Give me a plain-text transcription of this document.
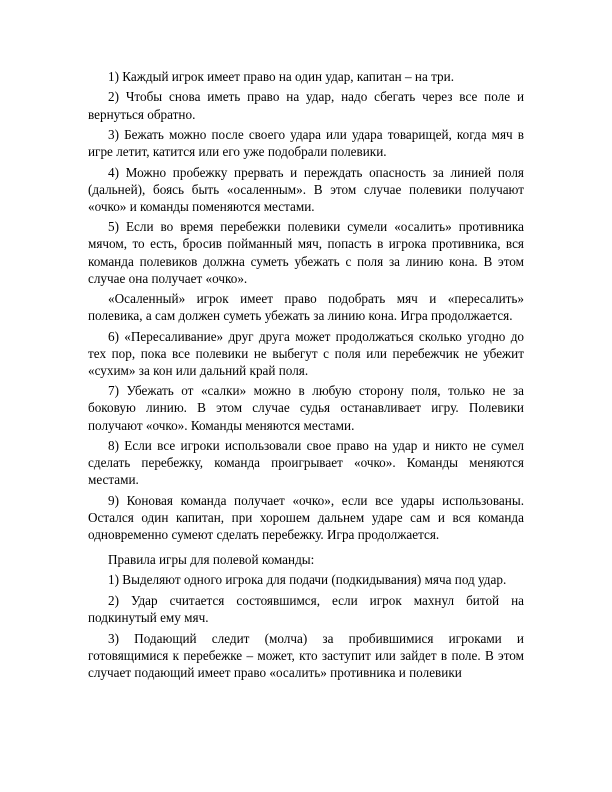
1) Каждый игрок имеет право на один удар, капитан – на три.

2) Чтобы снова иметь право на удар, надо сбегать через все поле и вернуться обратно.

3) Бежать можно после своего удара или удара товарищей, когда мяч в игре летит, катится или его уже подобрали полевики.

4) Можно пробежку прервать и переждать опасность за линией поля (дальней), боясь быть «осаленным». В этом случае полевики получают «очко» и команды поменяются местами.

5) Если во время перебежки полевики сумели «осалить» противника мячом, то есть, бросив пойманный мяч, попасть в игрока противника, вся команда полевиков должна суметь убежать с поля за линию кона. В этом случае она получает «очко».

«Осаленный» игрок имеет право подобрать мяч и «пересалить» полевика, а сам должен суметь убежать за линию кона. Игра продолжается.

6) «Пересаливание» друг друга может продолжаться сколько угодно до тех пор, пока все полевики не выбегут с поля или перебежчик не убежит «сухим» за кон или дальний край поля.

7) Убежать от «салки» можно в любую сторону поля, только не за боковую линию. В этом случае судья останавливает игру. Полевики получают «очко». Команды меняются местами.

8) Если все игроки использовали свое право на удар и никто не сумел сделать перебежку, команда проигрывает «очко». Команды меняются местами.

9) Коновая команда получает «очко», если все удары использованы. Остался один капитан, при хорошем дальнем ударе сам и вся команда одновременно сумеют сделать перебежку. Игра продолжается.

Правила игры для полевой команды:

1) Выделяют одного игрока для подачи (подкидывания) мяча под удар.

2) Удар считается состоявшимся, если игрок махнул битой на подкинутый ему мяч.

3) Подающий следит (молча) за пробившимися игроками и готовящимися к перебежке – может, кто заступит или зайдет в поле. В этом случает подающий имеет право «осалить» противника и полевики
